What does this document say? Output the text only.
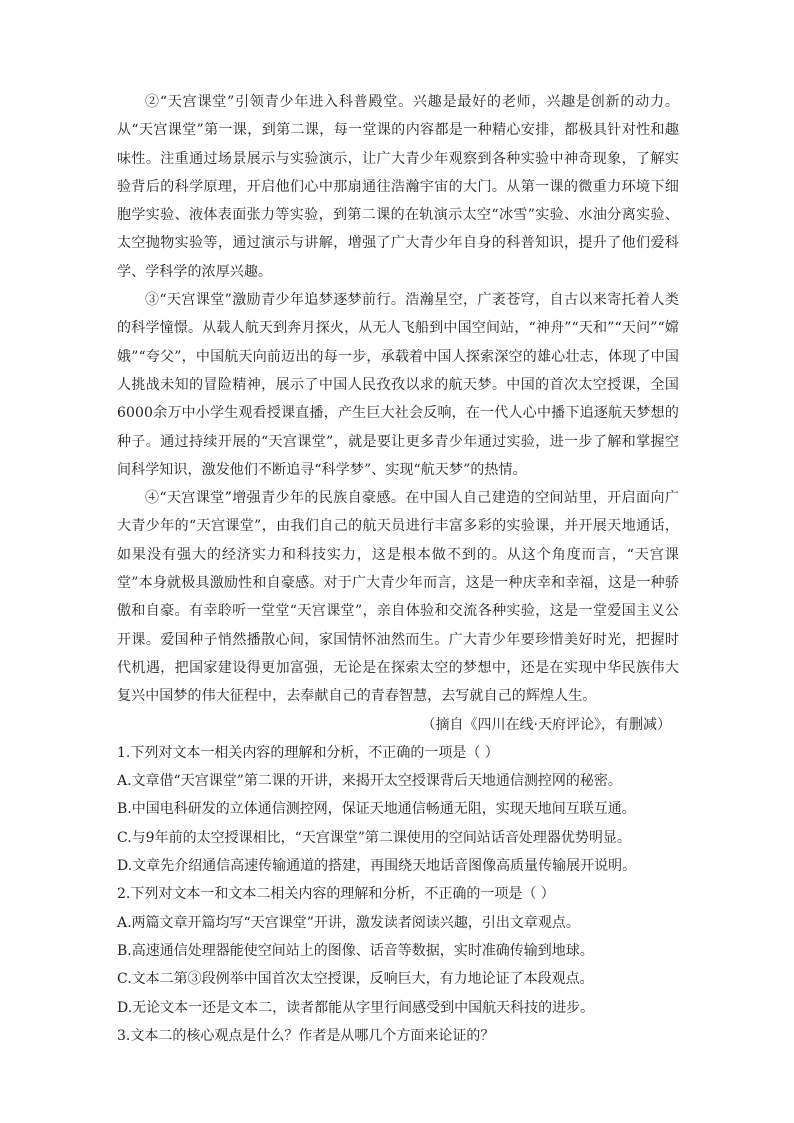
②“天宫课堂”引领青少年进入科普殿堂。兴趣是最好的老师，兴趣是创新的动力。从“天宫课堂”第一课，到第二课，每一堂课的内容都是一种精心安排，都极具针对性和趣味性。注重通过场景展示与实验演示，让广大青少年观察到各种实验中神奇现象，了解实验背后的科学原理，开启他们心中那扇通往浩瀚宇宙的大门。从第一课的微重力环境下细胞学实验、液体表面张力等实验，到第二课的在轨演示太空“冰雪”实验、水油分离实验、太空抛物实验等，通过演示与讲解，增强了广大青少年自身的科普知识，提升了他们爱科学、学科学的浓厚兴趣。

③“天宫课堂”激励青少年追梦逐梦前行。浩瀚星空，广袤苍穹，自古以来寄托着人类的科学憧憬。从载人航天到奔月探火，从无人飞船到中国空间站，“神舟”“天和”“天问”“嫦娥”“夸父”，中国航天向前迈出的每一步，承载着中国人探索深空的雄心壮志，体现了中国人挑战未知的冒险精神，展示了中国人民孜孜以求的航天梦。中国的首次太空授课，全国6000余万中小学生观看授课直播，产生巨大社会反响，在一代人心中播下追逐航天梦想的种子。通过持续开展的“天宫课堂”，就是要让更多青少年通过实验，进一步了解和掌握空间科学知识，激发他们不断追寻“科学梦”、实现“航天梦”的热情。

④“天宫课堂”增强青少年的民族自豪感。在中国人自己建造的空间站里，开启面向广大青少年的“天宫课堂”，由我们自己的航天员进行丰富多彩的实验课，并开展天地通话，如果没有强大的经济实力和科技实力，这是根本做不到的。从这个角度而言，“天宫课堂”本身就极具激励性和自豪感。对于广大青少年而言，这是一种庆幸和幸福，这是一种骄傲和自豪。有幸聆听一堂堂“天宫课堂”，亲自体验和交流各种实验，这是一堂爱国主义公开课。爱国种子悄然播散心间，家国情怀油然而生。广大青少年要珍惜美好时光，把握时代机遇，把国家建设得更加富强，无论是在探索太空的梦想中，还是在实现中华民族伟大复兴中国梦的伟大征程中，去奉献自己的青春智慧，去写就自己的辉煌人生。

（摘自《四川在线·天府评论》，有删减）

1.下列对文本一相关内容的理解和分析，不正确的一项是（ ）

A.文章借“天宫课堂”第二课的开讲，来揭开太空授课背后天地通信测控网的秘密。

B.中国电科研发的立体通信测控网，保证天地通信畅通无阻，实现天地间互联互通。

C.与9年前的太空授课相比，“天宫课堂”第二课使用的空间站话音处理器优势明显。

D.文章先介绍通信高速传输通道的搭建，再围绕天地话音图像高质量传输展开说明。

2.下列对文本一和文本二相关内容的理解和分析，不正确的一项是（ ）

A.两篇文章开篇均写“天宫课堂”开讲，激发读者阅读兴趣，引出文章观点。

B.高速通信处理器能使空间站上的图像、话音等数据，实时准确传输到地球。

C.文本二第③段例举中国首次太空授课，反响巨大，有力地论证了本段观点。

D.无论文本一还是文本二，读者都能从字里行间感受到中国航天科技的进步。

3.文本二的核心观点是什么？作者是从哪几个方面来论证的？
